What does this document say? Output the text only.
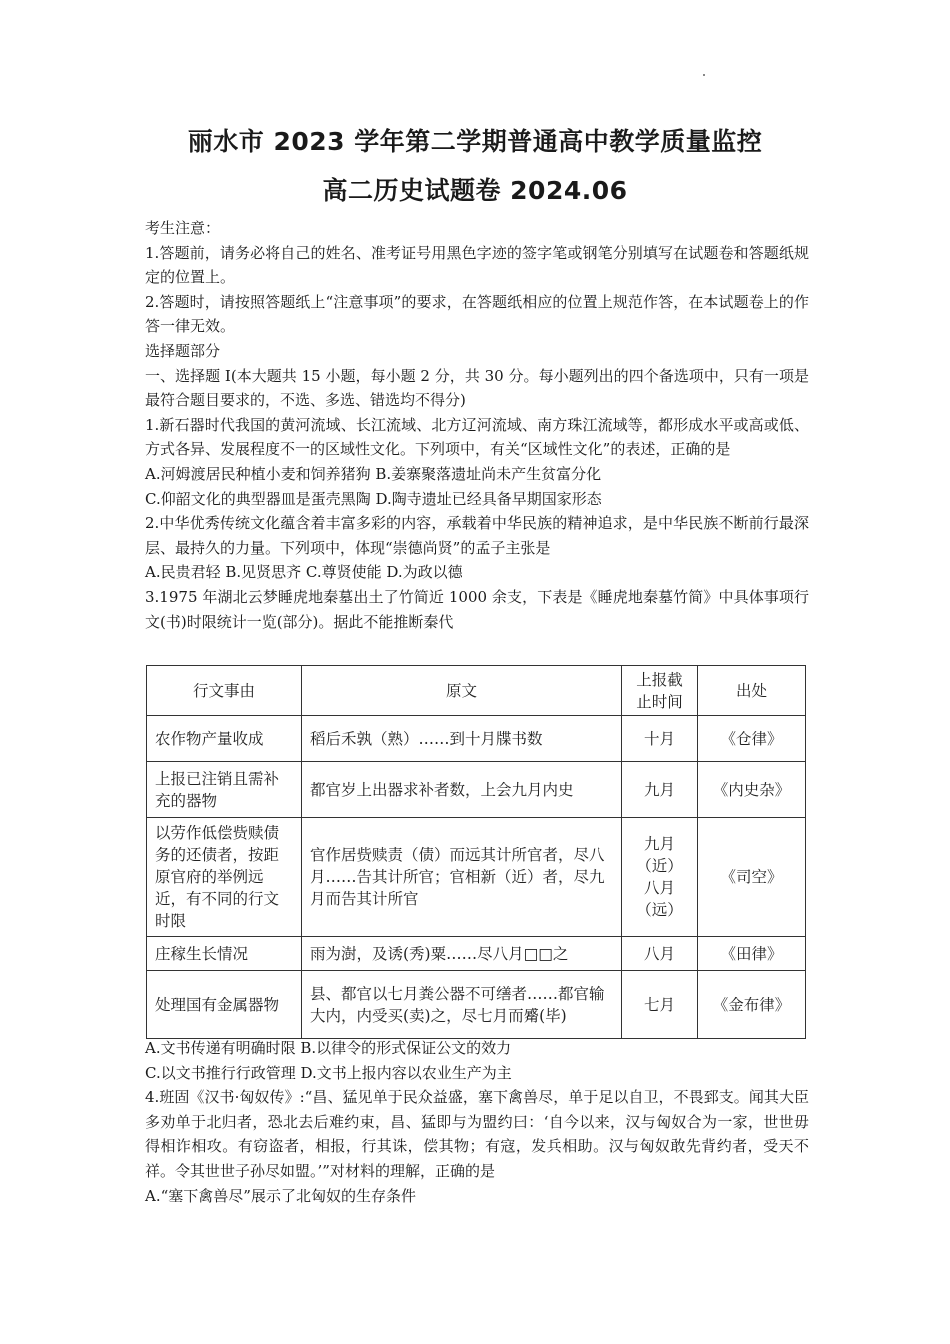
丽水市 2023 学年第二学期普通高中教学质量监控
高二历史试题卷 2024.06

考生注意：

1.答题前，请务必将自己的姓名、准考证号用黑色字迹的签字笔或钢笔分别填写在试题卷和答题纸规定的位置上。

2.答题时，请按照答题纸上“注意事项”的要求，在答题纸相应的位置上规范作答，在本试题卷上的作答一律无效。

选择题部分

一、选择题 I(本大题共 15 小题，每小题 2 分，共 30 分。每小题列出的四个备选项中，只有一项是最符合题目要求的，不选、多选、错选均不得分)

1.新石器时代我国的黄河流域、长江流域、北方辽河流域、南方珠江流域等，都形成水平或高或低、方式各异、发展程度不一的区域性文化。下列项中，有关“区域性文化”的表述，正确的是

A.河姆渡居民种植小麦和饲养猪狗 B.姜寨聚落遗址尚未产生贫富分化

C.仰韶文化的典型器皿是蛋壳黑陶 D.陶寺遗址已经具备早期国家形态

2.中华优秀传统文化蕴含着丰富多彩的内容，承载着中华民族的精神追求，是中华民族不断前行最深层、最持久的力量。下列项中，体现“崇德尚贤”的孟子主张是

A.民贵君轻 B.见贤思齐 C.尊贤使能 D.为政以德

3.1975 年湖北云梦睡虎地秦墓出土了竹简近 1000 余支，下表是《睡虎地秦墓竹简》中具体事项行文(书)时限统计一览(部分)。据此不能推断秦代

行文事由	原文	上报截止时间	出处
农作物产量收成	稻后禾孰（熟）……到十月牒书数	十月	《仓律》
上报已注销且需补充的器物	都官岁上出器求补者数，上会九月内史	九月	《内史杂》
以劳作低偿赀赎债务的还债者，按距原官府的举例远近，有不同的行文时限	官作居赀赎责（债）而远其计所官者，尽八月……告其计所官；官相新（近）者，尽九月而告其计所官	九月（近）八月（远）	《司空》
庄稼生长情况	雨为澍，及诱(秀)粟……尽八月□□之	八月	《田律》
处理国有金属器物	县、都官以七月粪公器不可缮者……都官输大内，内受买(卖)之，尽七月而觱(毕)	七月	《金布律》

A.文书传递有明确时限 B.以律令的形式保证公文的效力

C.以文书推行行政管理 D.文书上报内容以农业生产为主

4.班固《汉书·匈奴传》:“昌、猛见单于民众益盛，塞下禽兽尽，单于足以自卫，不畏郅支。闻其大臣多劝单于北归者，恐北去后难约束，昌、猛即与为盟约曰：‘自今以来，汉与匈奴合为一家，世世毋得相诈相攻。有窃盗者，相报，行其诛，偿其物；有寇，发兵相助。汉与匈奴敢先背约者，受天不祥。令其世世子孙尽如盟。’”对材料的理解，正确的是

A.“塞下禽兽尽”展示了北匈奴的生存条件
